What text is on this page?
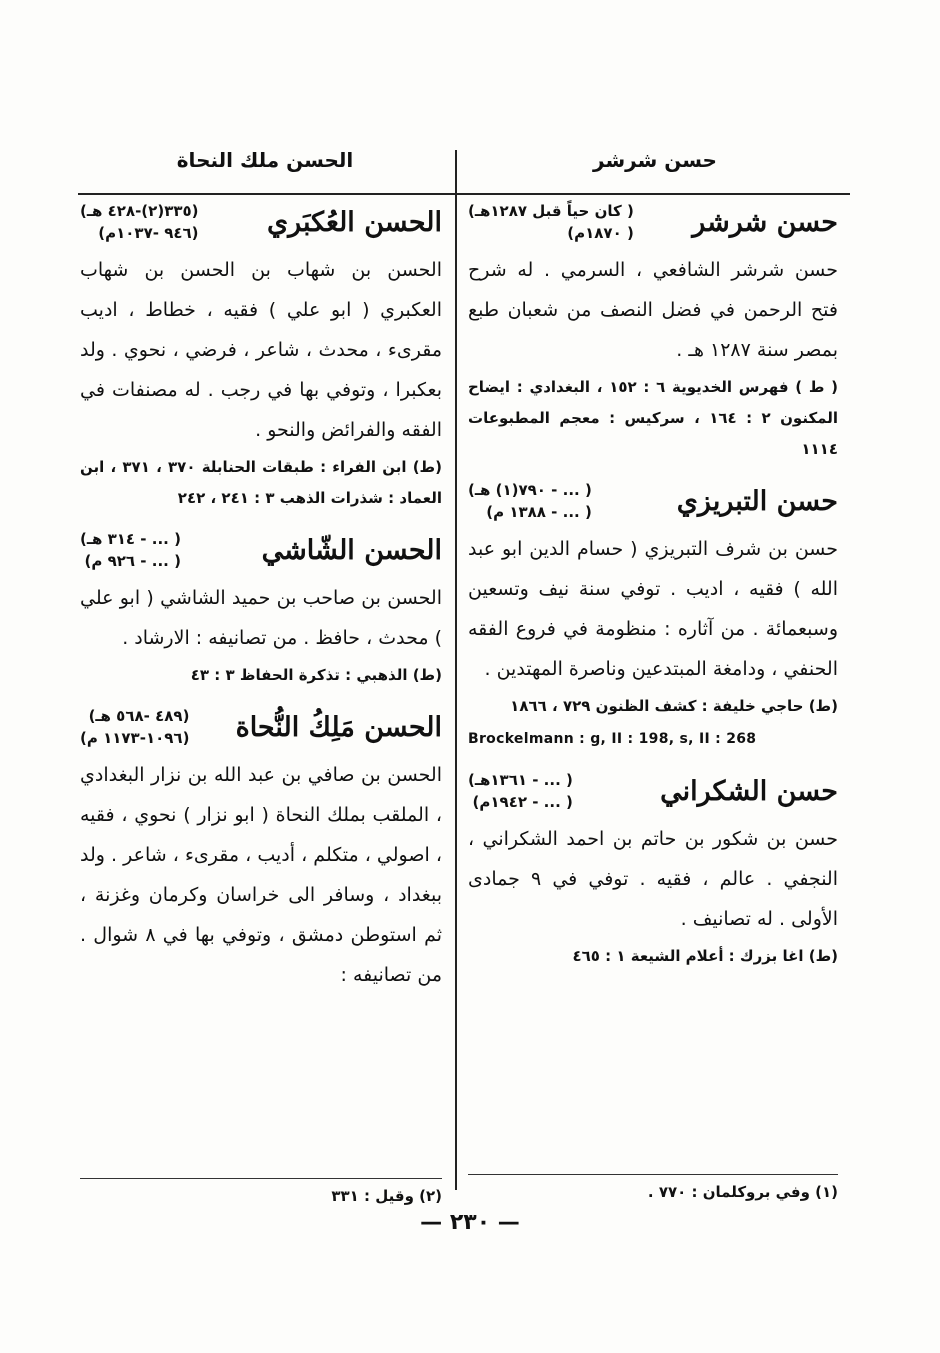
الحسن ملك النحاة	حسن شرشر
حسن شرشر
( كان حياً قبل ١٢٨٧هـ)
( ١٨٧٠م)
حسن شرشر الشافعي ، السرمي . له شرح فتح الرحمن في فضل النصف من شعبان طبع بمصر سنة ١٢٨٧ هـ .
( ط ) فهرس الخديوية ٦ : ١٥٢ ، البغدادي : ايضاح المكنون ٢ : ١٦٤ ، سركيس : معجم المطبوعات ١١١٤
حسن التبريزي
( ... - ٧٩٠(١) هـ)
( ... - ١٣٨٨ م)
حسن بن شرف التبريزي ( حسام الدين ابو عبد الله ) فقيه ، اديب . توفي سنة نيف وتسعين وسبعمائة . من آثاره : منظومة في فروع الفقه الحنفي ، ودامغة المبتدعين وناصرة المهتدين .
(ط) حاجي خليفة : كشف الظنون ٧٢٩ ، ١٨٦٦
Brockelmann : g, II : 198, s, II : 268
حسن الشكراني
( ... - ١٣٦١هـ)
( ... - ١٩٤٢م)
حسن بن شكور بن حاتم بن احمد الشكراني ، النجفي . عالم ، فقيه . توفي في ٩ جمادى الأولى . له تصانيف .
(ط) اغا بزرك : أعلام الشيعة ١ : ٤٦٥
الحسن العُكبَري
(٣٣٥(٢)-٤٢٨ هـ)
(٩٤٦ -١٠٣٧م)
الحسن بن شهاب بن الحسن بن شهاب العكبري ( ابو علي ) فقيه ، خطاط ، اديب مقرىء ، محدث ، شاعر ، فرضي ، نحوي . ولد بعكبرا ، وتوفي بها في رجب . له مصنفات في الفقه والفرائض والنحو .
(ط) ابن الفراء : طبقات الحنابلة ٣٧٠ ، ٣٧١ ، ابن العماد : شذرات الذهب ٣ : ٢٤١ ، ٢٤٢
الحسن الشّاشي
( ... - ٣١٤ هـ)
( ... - ٩٢٦ م)
الحسن بن صاحب بن حميد الشاشي ( ابو علي ) محدث ، حافظ . من تصانيفه : الارشاد .
(ط) الذهبي : تذكرة الحفاظ ٣ : ٤٣
الحسن مَلِكُ النُّحاة
(٤٨٩ -٥٦٨ هـ)
(١٠٩٦-١١٧٣ م)
الحسن بن صافي بن عبد الله بن نزار البغدادي ، الملقب بملك النحاة ( ابو نزار ) نحوي ، فقيه ، اصولي ، متكلم ، أديب ، مقرىء ، شاعر . ولد ببغداد ، وسافر الى خراسان وكرمان وغزنة ، ثم استوطن دمشق ، وتوفي بها في ٨ شوال . من تصانيفه :
(٢) وقيل : ٣٣١	(١) وفي بروكلمان : ٧٧٠ .
— ٢٣٠ —
